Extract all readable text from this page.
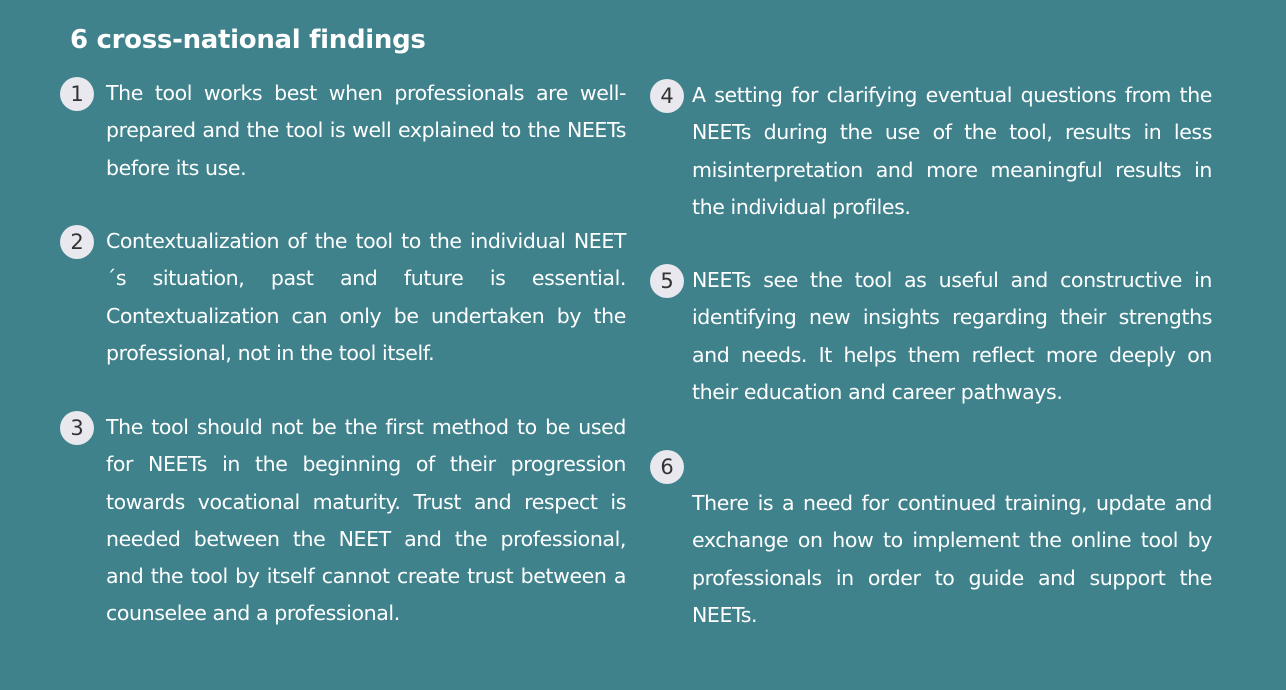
6 cross-national findings
1	The tool works best when professionals are well-prepared and the tool is well explained to the NEETs before its use.
2	Contextualization of the tool to the individual NEET´s situation, past and future is essential. Contextualization can only be undertaken by the professional, not in the tool itself.
3	The tool should not be the first method to be used for NEETs in the beginning of their progression towards vocational maturity. Trust and respect is needed between the NEET and the professional, and the tool by itself cannot create trust between a counselee and a professional.
4 A setting for clarifying eventual questions from the NEETs during the use of the tool, results in less misinterpretation and more meaningful results in the individual profiles.
5 NEETs see the tool as useful and constructive in identifying new insights regarding their strengths and needs. It helps them reflect more deeply on their education and career pathways.
6
There is a need for continued training, update and exchange on how to implement the online tool by professionals in order to guide and support the NEETs.
